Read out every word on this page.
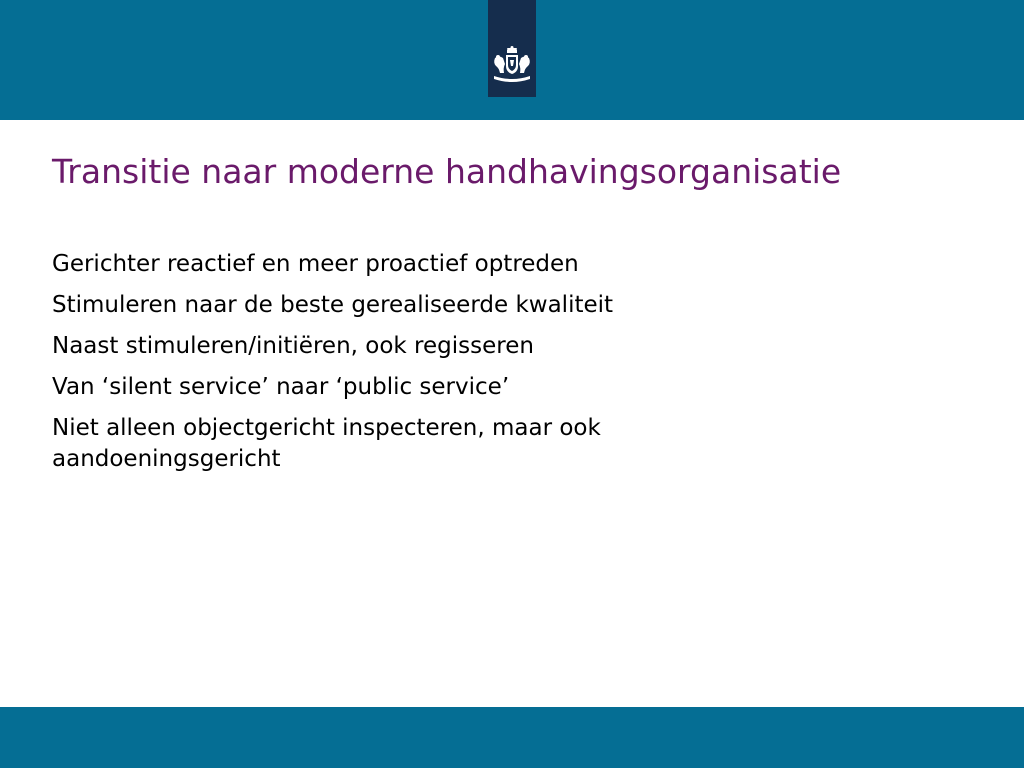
Transitie naar moderne handhavingsorganisatie
Gerichter reactief en meer proactief optreden
Stimuleren naar de beste gerealiseerde kwaliteit
Naast stimuleren/initiëren, ook regisseren
Van ‘silent service’ naar ‘public service’
Niet alleen objectgericht inspecteren, maar ook aandoeningsgericht
